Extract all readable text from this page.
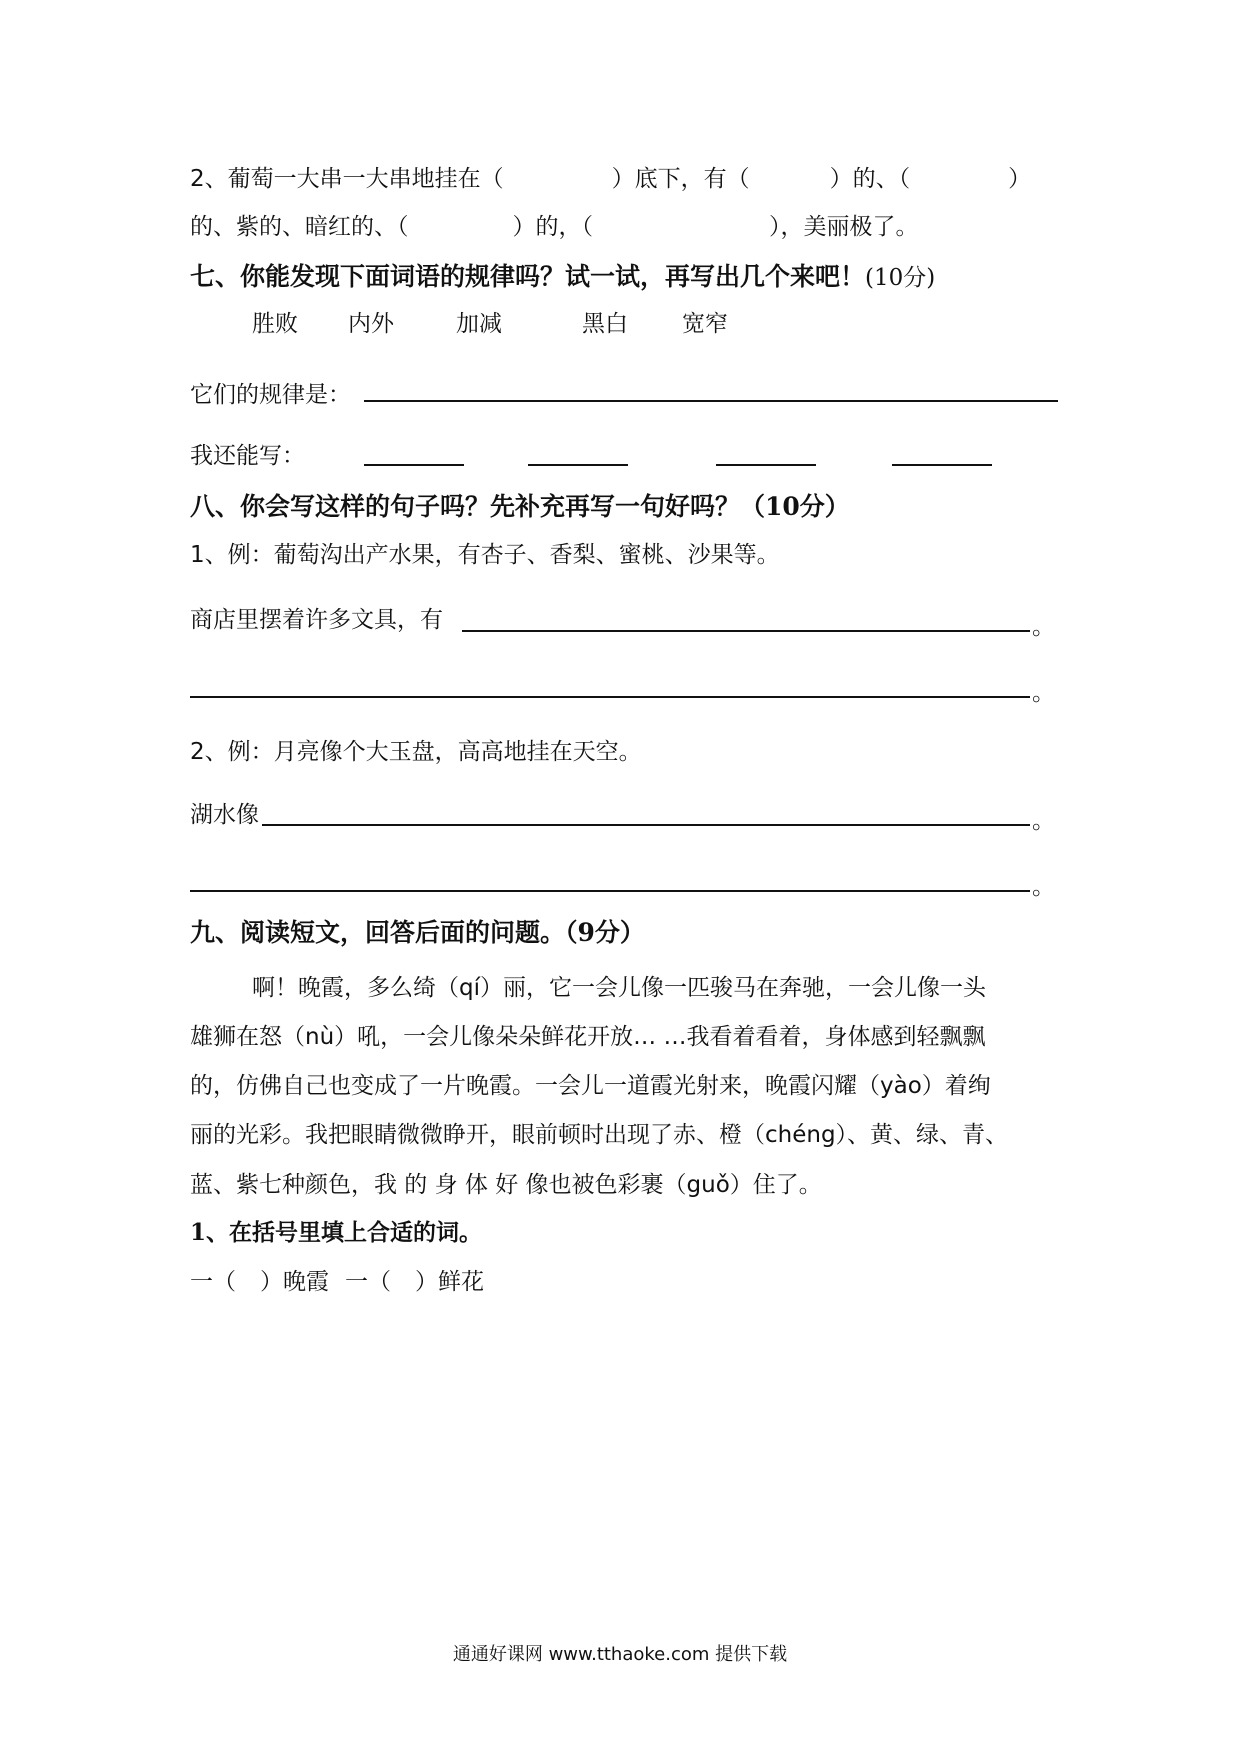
2、葡萄一大串一大串地挂在（	）底下，有（	）的、（	）
的、紫的、暗红的、（	）的，（	），美丽极了。
七、你能发现下面词语的规律吗？试一试，再写出几个来吧！(10分)
胜败 内外	加减	黑白 宽窄
它们的规律是：
我还能写：
八、你会写这样的句子吗？先补充再写一句好吗？（10分）
1、例：葡萄沟出产水果，有杏子、香梨、蜜桃、沙果等。
商店里摆着许多文具，有	。
。
2、例：月亮像个大玉盘，高高地挂在天空。
湖水像	。
。
九、阅读短文，回答后面的问题。（9分）
啊！晚霞，多么绮（qí）丽，它一会儿像一匹骏马在奔驰，一会儿像一头
雄狮在怒（nù）吼，一会儿像朵朵鲜花开放… …我看着看着，身体感到轻飘飘
的，仿佛自己也变成了一片晚霞。一会儿一道霞光射来，晚霞闪耀（yào）着绚
丽的光彩。我把眼睛微微睁开，眼前顿时出现了赤、橙（chéng）、黄、绿、青、
蓝、紫七种颜色，我 的 身 体 好 像也被色彩裹（guǒ）住了。
1、在括号里填上合适的词。
一（ ）晚霞 一（ ）鲜花
通通好课网 www.tthaoke.com 提供下载
